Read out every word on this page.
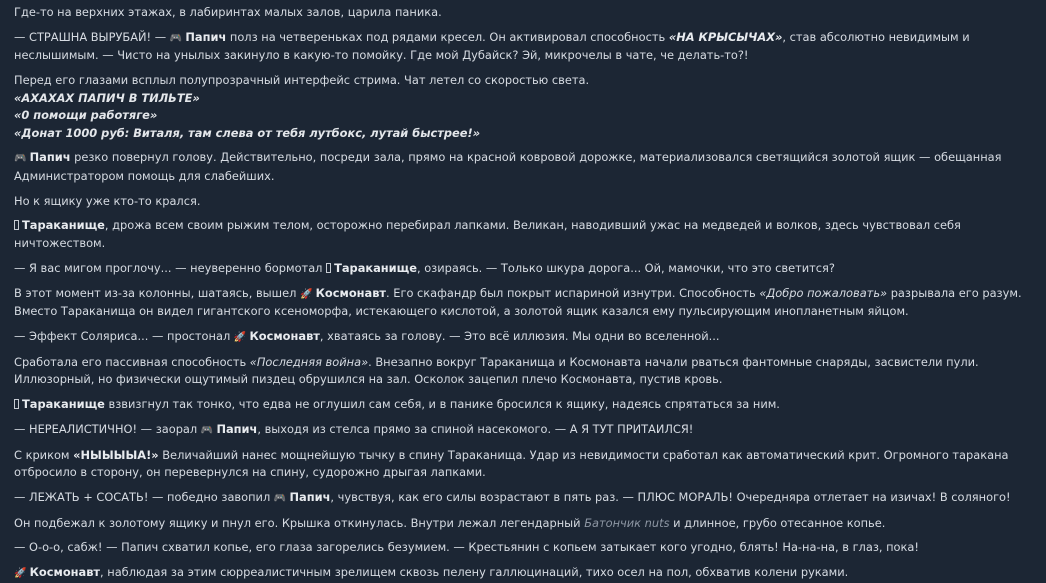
Где-то на верхних этажах, в лабиринтах малых залов, царила паника.

— СТРАШНА ВЫРУБАЙ! — 🎮 Папич полз на четвереньках под рядами кресел. Он активировал способность «НА КРЫСЫЧАХ», став абсолютно невидимым и неслышимым. — Чисто на унылых закинуло в какую-то помойку. Где мой Дубайск? Эй, микрочелы в чате, че делать-то?!

Перед его глазами всплыл полупрозрачный интерфейс стрима. Чат летел со скоростью света.
«АХАХАХ ПАПИЧ В ТИЛЬТЕ»
«0 помощи работяге»
«Донат 1000 руб: Виталя, там слева от тебя лутбокс, лутай быстрее!»

🎮 Папич резко повернул голову. Действительно, посреди зала, прямо на красной ковровой дорожке, материализовался светящийся золотой ящик — обещанная Администратором помощь для слабейших.

Но к ящику уже кто-то крался.

Тараканище, дрожа всем своим рыжим телом, осторожно перебирал лапками. Великан, наводивший ужас на медведей и волков, здесь чувствовал себя ничтожеством.

— Я вас мигом проглочу... — неуверенно бормотал Тараканище, озираясь. — Только шкура дорога... Ой, мамочки, что это светится?

В этот момент из-за колонны, шатаясь, вышел 🚀 Космонавт. Его скафандр был покрыт испариной изнутри. Способность «Добро пожаловать» разрывала его разум. Вместо Тараканища он видел гигантского ксеноморфа, истекающего кислотой, а золотой ящик казался ему пульсирующим инопланетным яйцом.

— Эффект Соляриса... — простонал 🚀 Космонавт, хватаясь за голову. — Это всё иллюзия. Мы одни во вселенной...

Сработала его пассивная способность «Последняя война». Внезапно вокруг Тараканища и Космонавта начали рваться фантомные снаряды, засвистели пули. Иллюзорный, но физически ощутимый пиздец обрушился на зал. Осколок зацепил плечо Космонавта, пустив кровь.

Тараканище взвизгнул так тонко, что едва не оглушил сам себя, и в панике бросился к ящику, надеясь спрятаться за ним.

— НЕРЕАЛИСТИЧНО! — заорал 🎮 Папич, выходя из стелса прямо за спиной насекомого. — А Я ТУТ ПРИТАИЛСЯ!

С криком «НЫЫЫЫА!» Величайший нанес мощнейшую тычку в спину Тараканища. Удар из невидимости сработал как автоматический крит. Огромного таракана отбросило в сторону, он перевернулся на спину, судорожно дрыгая лапками.

— ЛЕЖАТЬ + СОСАТЬ! — победно завопил 🎮 Папич, чувствуя, как его силы возрастают в пять раз. — ПЛЮС МОРАЛЬ! Очередняра отлетает на изичах! В соляного!

Он подбежал к золотому ящику и пнул его. Крышка откинулась. Внутри лежал легендарный Батончик nuts и длинное, грубо отесанное копье.

— О-о-о, сабж! — Папич схватил копье, его глаза загорелись безумием. — Крестьянин с копьем затыкает кого угодно, блять! На-на-на, в глаз, пока!

🚀 Космонавт, наблюдая за этим сюрреалистичным зрелищем сквозь пелену галлюцинаций, тихо осел на пол, обхватив колени руками.
